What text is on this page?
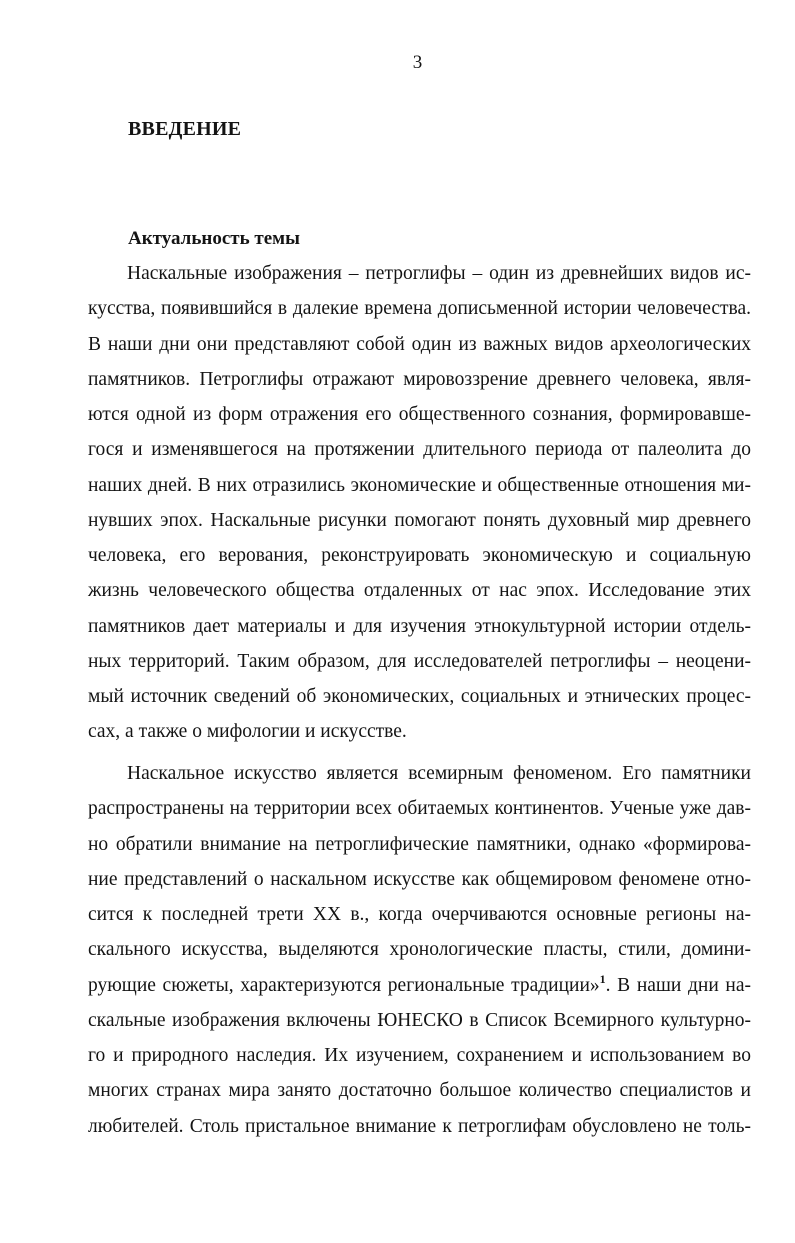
3
ВВЕДЕНИЕ
Актуальность темы
Наскальные изображения – петроглифы – один из древнейших видов ис-
кусства, появившийся в далекие времена дописьменной истории человечества.
В наши дни они представляют собой один из важных видов археологических
памятников. Петроглифы отражают мировоззрение древнего человека, явля-
ются одной из форм отражения его общественного сознания, формировавше-
гося и изменявшегося на протяжении длительного периода от палеолита до
наших дней. В них отразились экономические и общественные отношения ми-
нувших эпох. Наскальные рисунки помогают понять духовный мир древнего
человека, его верования, реконструировать экономическую и социальную
жизнь человеческого общества отдаленных от нас эпох. Исследование этих
памятников дает материалы и для изучения этнокультурной истории отдель-
ных территорий. Таким образом, для исследователей петроглифы – неоцени-
мый источник сведений об экономических, социальных и этнических процес-
сах, а также о мифологии и искусстве.
Наскальное искусство является всемирным феноменом. Его памятники
распространены на территории всех обитаемых континентов. Ученые уже дав-
но обратили внимание на петроглифические памятники, однако «формирова-
ние представлений о наскальном искусстве как общемировом феномене отно-
сится к последней трети XX в., когда очерчиваются основные регионы на-
скального искусства, выделяются хронологические пласты, стили, домини-
рующие сюжеты, характеризуются региональные традиции»$^1$. В наши дни на-
скальные изображения включены ЮНЕСКО в Список Всемирного культурно-
го и природного наследия. Их изучением, сохранением и использованием во
многих странах мира занято достаточно большое количество специалистов и
любителей. Столь пристальное внимание к петроглифам обусловлено не толь-
